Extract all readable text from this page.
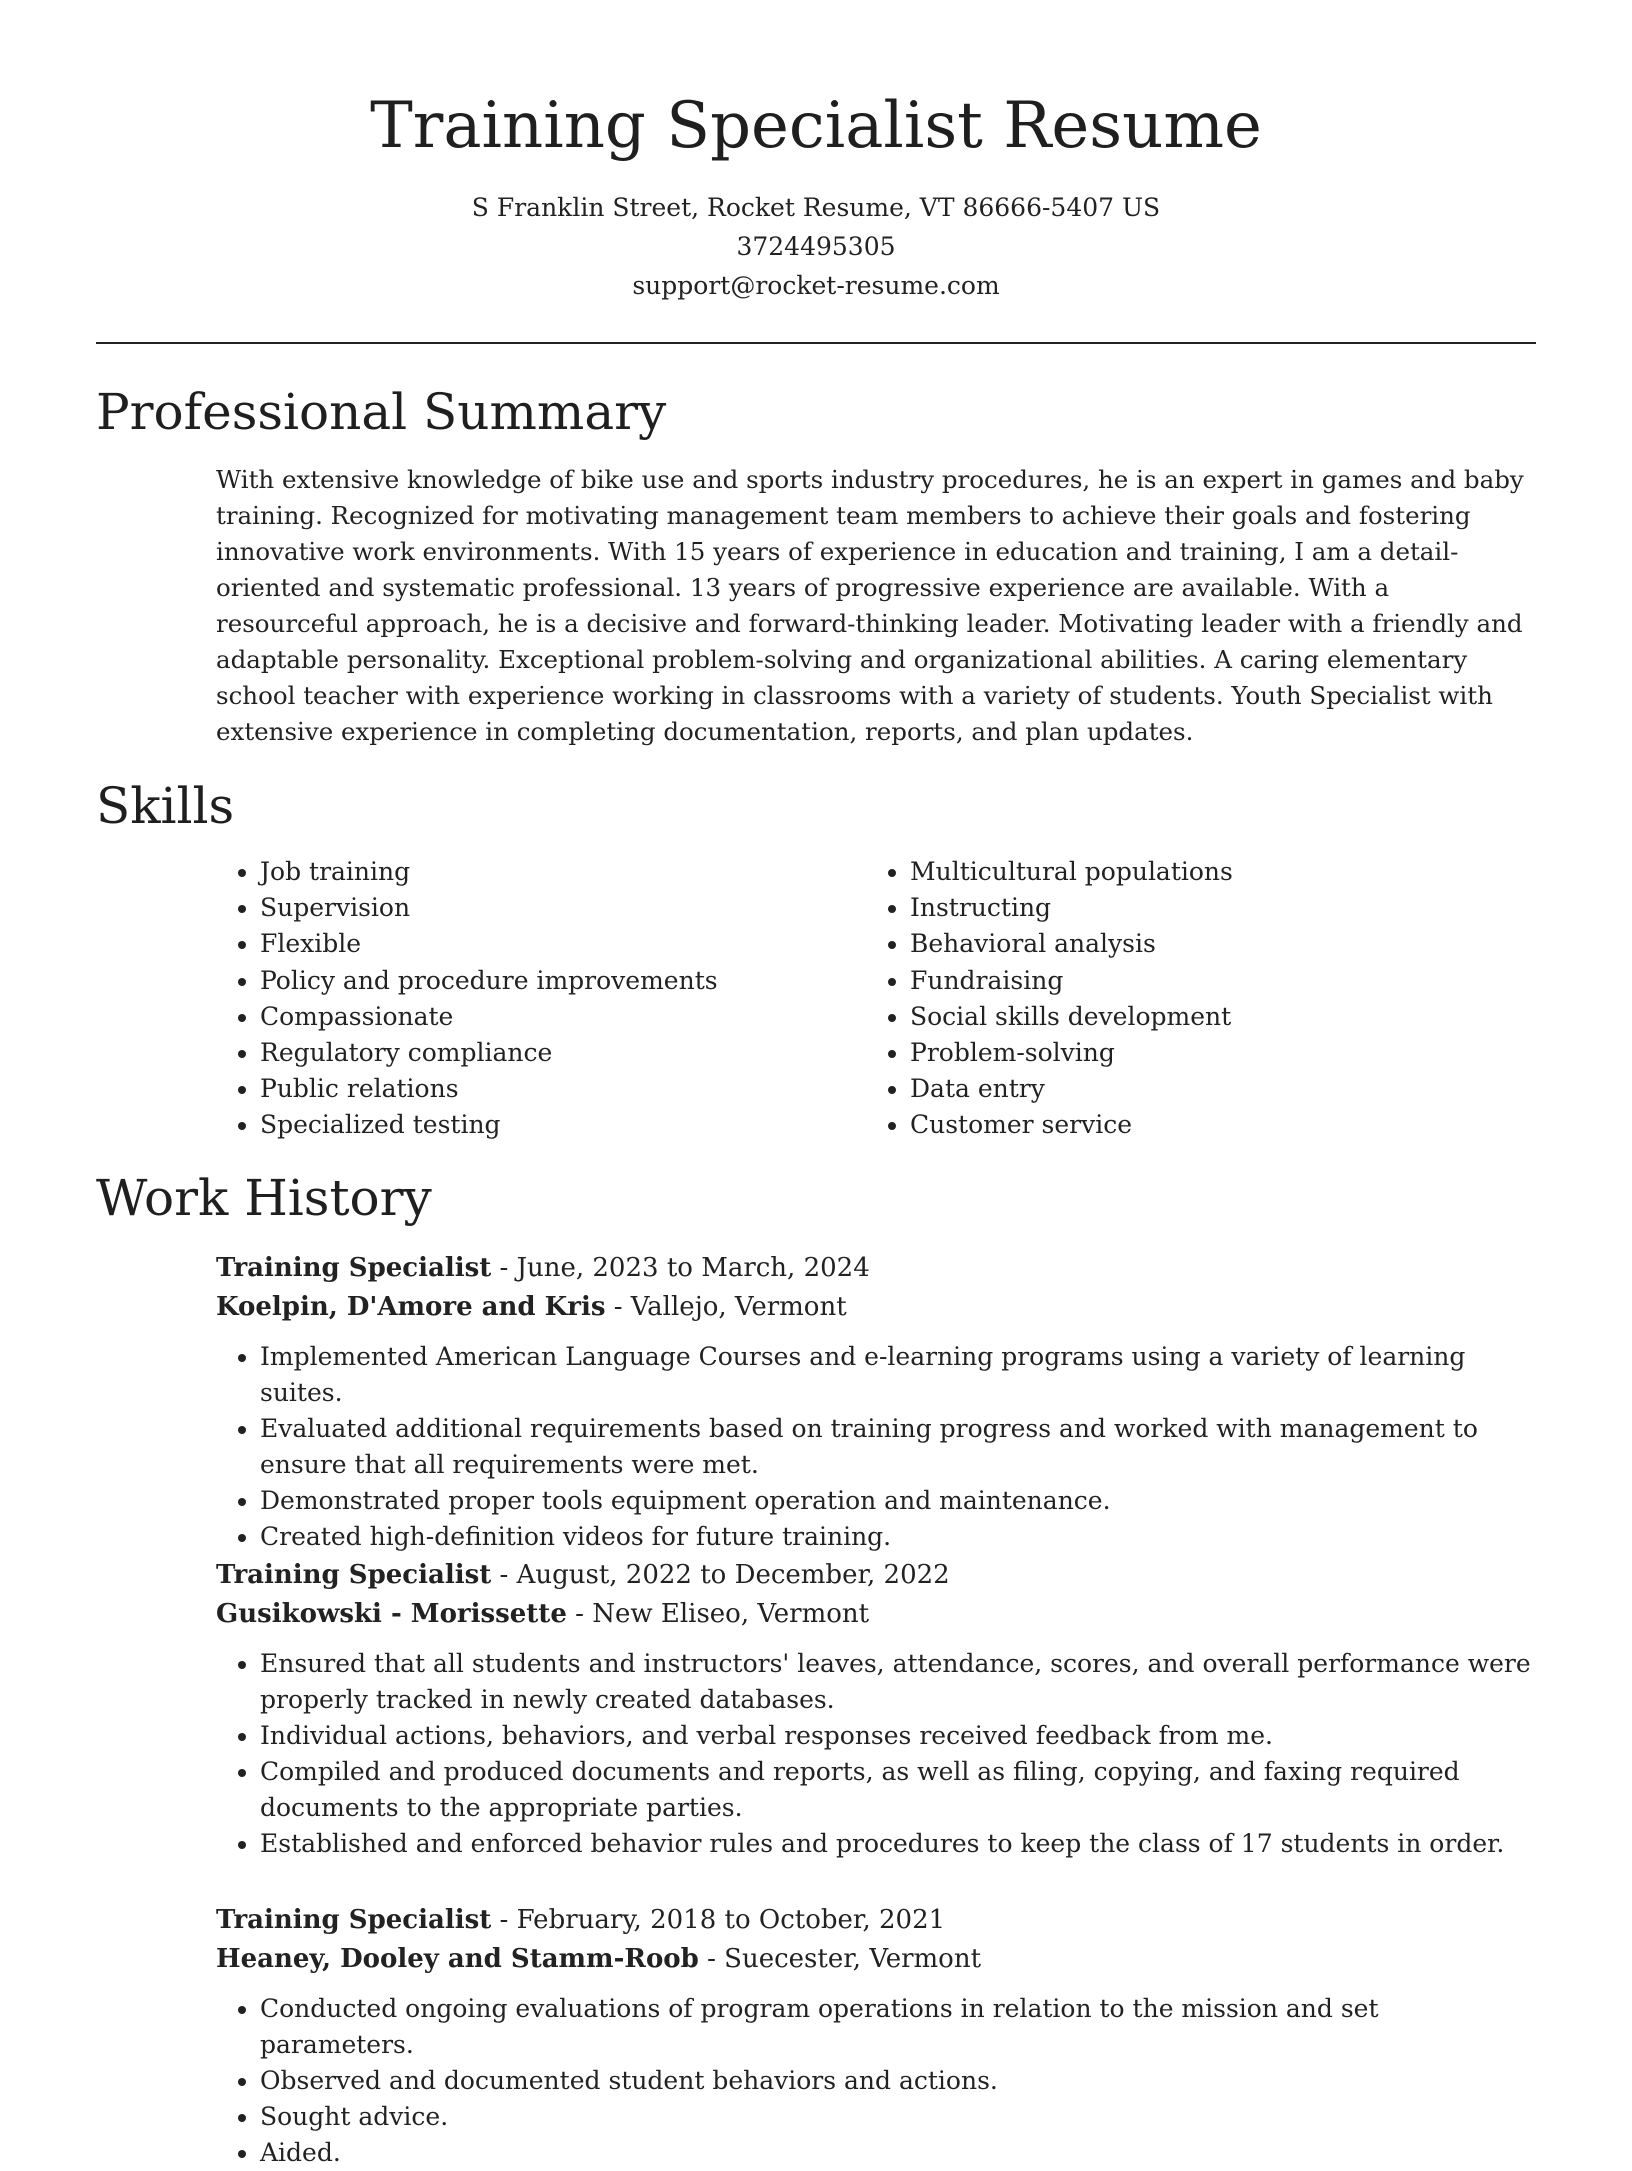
Training Specialist Resume

S Franklin Street, Rocket Resume, VT 86666-5407 US

3724495305

support@rocket-resume.com

Professional Summary

With extensive knowledge of bike use and sports industry procedures, he is an expert in games and baby training. Recognized for motivating management team members to achieve their goals and fostering innovative work environments. With 15 years of experience in education and training, I am a detail-oriented and systematic professional. 13 years of progressive experience are available. With a resourceful approach, he is a decisive and forward-thinking leader. Motivating leader with a friendly and adaptable personality. Exceptional problem-solving and organizational abilities. A caring elementary school teacher with experience working in classrooms with a variety of students. Youth Specialist with extensive experience in completing documentation, reports, and plan updates.

Skills
• Job training
• Supervision
• Flexible
• Policy and procedure improvements
• Compassionate
• Regulatory compliance
• Public relations
• Specialized testing
• Multicultural populations
• Instructing
• Behavioral analysis
• Fundraising
• Social skills development
• Problem-solving
• Data entry
• Customer service
Work History

Training Specialist - June, 2023 to March, 2024

Koelpin, D'Amore and Kris - Vallejo, Vermont

• Implemented American Language Courses and e-learning programs using a variety of learning suites.
• Evaluated additional requirements based on training progress and worked with management to ensure that all requirements were met.
• Demonstrated proper tools equipment operation and maintenance.
• Created high-definition videos for future training.

Training Specialist - August, 2022 to December, 2022

Gusikowski - Morissette - New Eliseo, Vermont

• Ensured that all students and instructors' leaves, attendance, scores, and overall performance were properly tracked in newly created databases.
• Individual actions, behaviors, and verbal responses received feedback from me.
• Compiled and produced documents and reports, as well as filing, copying, and faxing required documents to the appropriate parties.
• Established and enforced behavior rules and procedures to keep the class of 17 students in order.

Training Specialist - February, 2018 to October, 2021

Heaney, Dooley and Stamm-Roob - Suecester, Vermont

• Conducted ongoing evaluations of program operations in relation to the mission and set parameters.
• Observed and documented student behaviors and actions.
• Sought advice.
• Aided.
